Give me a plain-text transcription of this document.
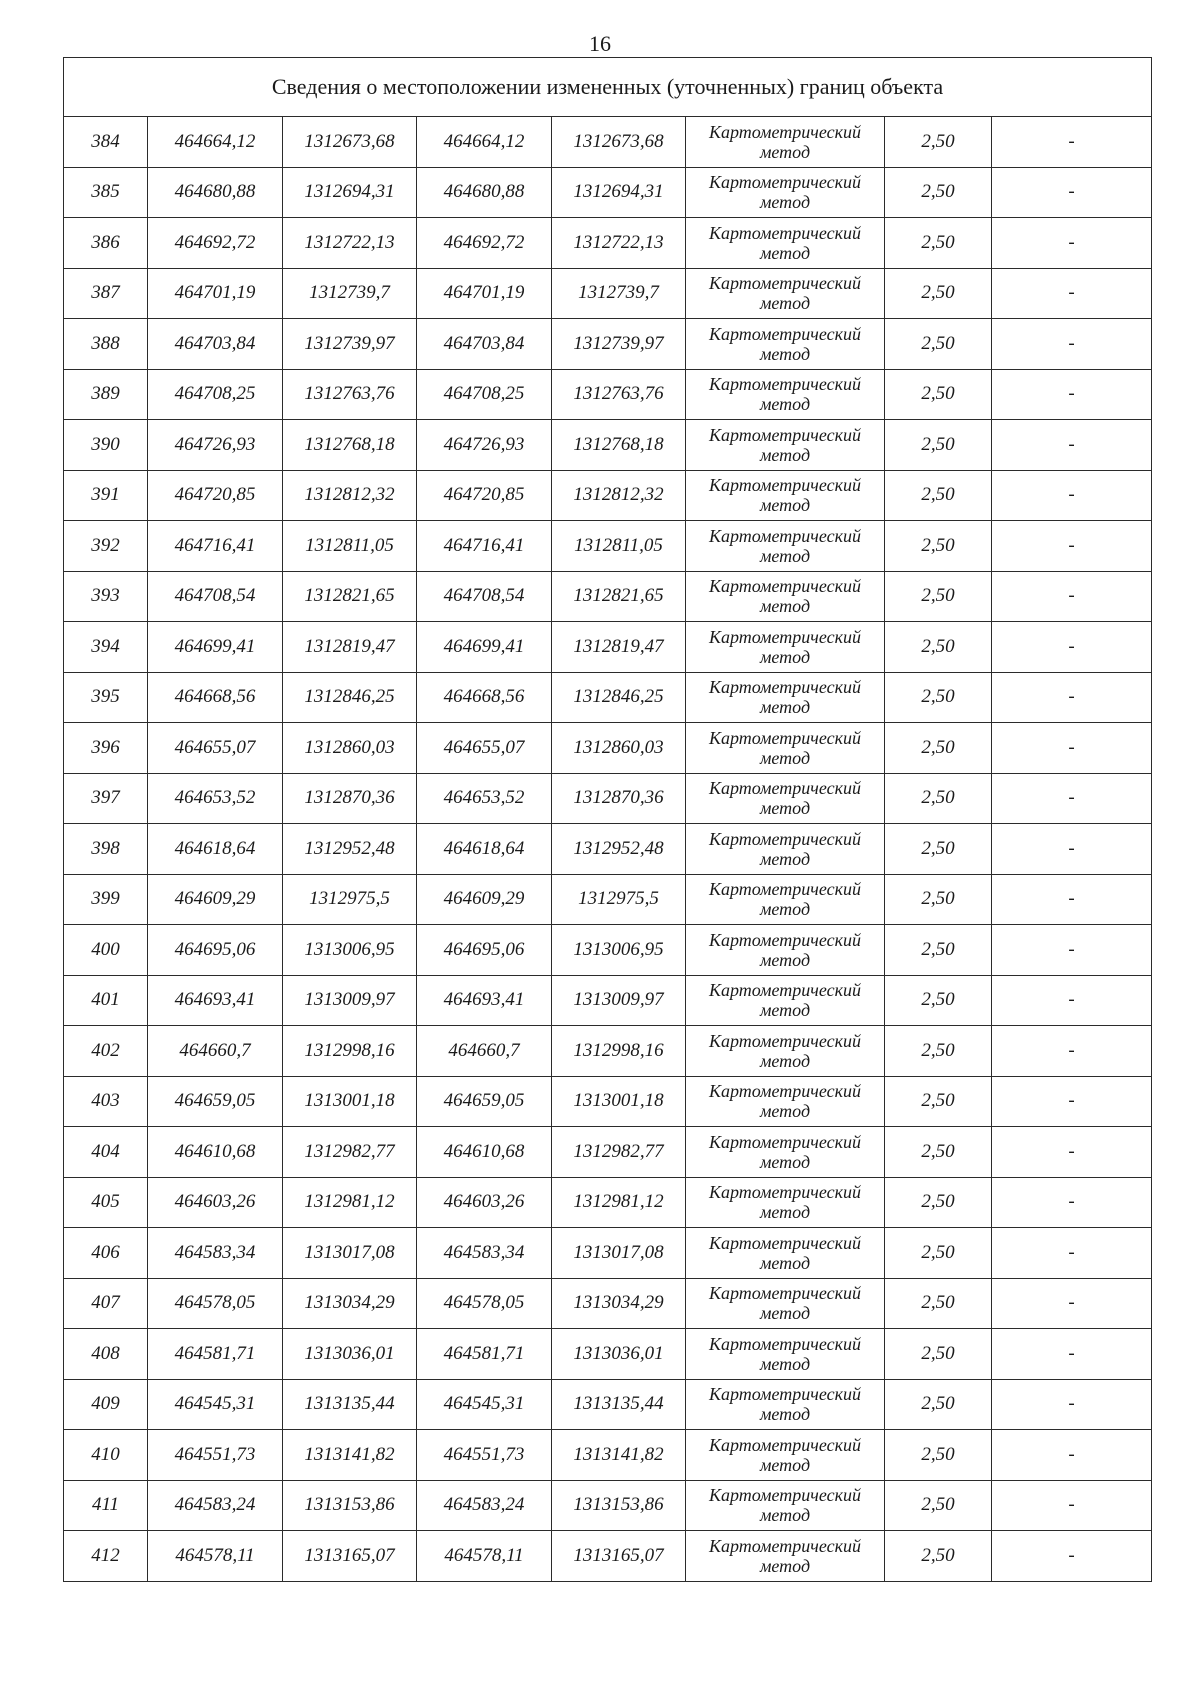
16
Сведения о местоположении измененных (уточненных) границ объекта							
384	464664,12	1312673,68	464664,12	1312673,68	Картометрический
метод	2,50	-
385	464680,88	1312694,31	464680,88	1312694,31	Картометрический
метод	2,50	-
386	464692,72	1312722,13	464692,72	1312722,13	Картометрический
метод	2,50	-
387	464701,19	1312739,7	464701,19	1312739,7	Картометрический
метод	2,50	-
388	464703,84	1312739,97	464703,84	1312739,97	Картометрический
метод	2,50	-
389	464708,25	1312763,76	464708,25	1312763,76	Картометрический
метод	2,50	-
390	464726,93	1312768,18	464726,93	1312768,18	Картометрический
метод	2,50	-
391	464720,85	1312812,32	464720,85	1312812,32	Картометрический
метод	2,50	-
392	464716,41	1312811,05	464716,41	1312811,05	Картометрический
метод	2,50	-
393	464708,54	1312821,65	464708,54	1312821,65	Картометрический
метод	2,50	-
394	464699,41	1312819,47	464699,41	1312819,47	Картометрический
метод	2,50	-
395	464668,56	1312846,25	464668,56	1312846,25	Картометрический
метод	2,50	-
396	464655,07	1312860,03	464655,07	1312860,03	Картометрический
метод	2,50	-
397	464653,52	1312870,36	464653,52	1312870,36	Картометрический
метод	2,50	-
398	464618,64	1312952,48	464618,64	1312952,48	Картометрический
метод	2,50	-
399	464609,29	1312975,5	464609,29	1312975,5	Картометрический
метод	2,50	-
400	464695,06	1313006,95	464695,06	1313006,95	Картометрический
метод	2,50	-
401	464693,41	1313009,97	464693,41	1313009,97	Картометрический
метод	2,50	-
402	464660,7	1312998,16	464660,7	1312998,16	Картометрический
метод	2,50	-
403	464659,05	1313001,18	464659,05	1313001,18	Картометрический
метод	2,50	-
404	464610,68	1312982,77	464610,68	1312982,77	Картометрический
метод	2,50	-
405	464603,26	1312981,12	464603,26	1312981,12	Картометрический
метод	2,50	-
406	464583,34	1313017,08	464583,34	1313017,08	Картометрический
метод	2,50	-
407	464578,05	1313034,29	464578,05	1313034,29	Картометрический
метод	2,50	-
408	464581,71	1313036,01	464581,71	1313036,01	Картометрический
метод	2,50	-
409	464545,31	1313135,44	464545,31	1313135,44	Картометрический
метод	2,50	-
410	464551,73	1313141,82	464551,73	1313141,82	Картометрический
метод	2,50	-
411	464583,24	1313153,86	464583,24	1313153,86	Картометрический
метод	2,50	-
412	464578,11	1313165,07	464578,11	1313165,07	Картометрический
метод	2,50	-
